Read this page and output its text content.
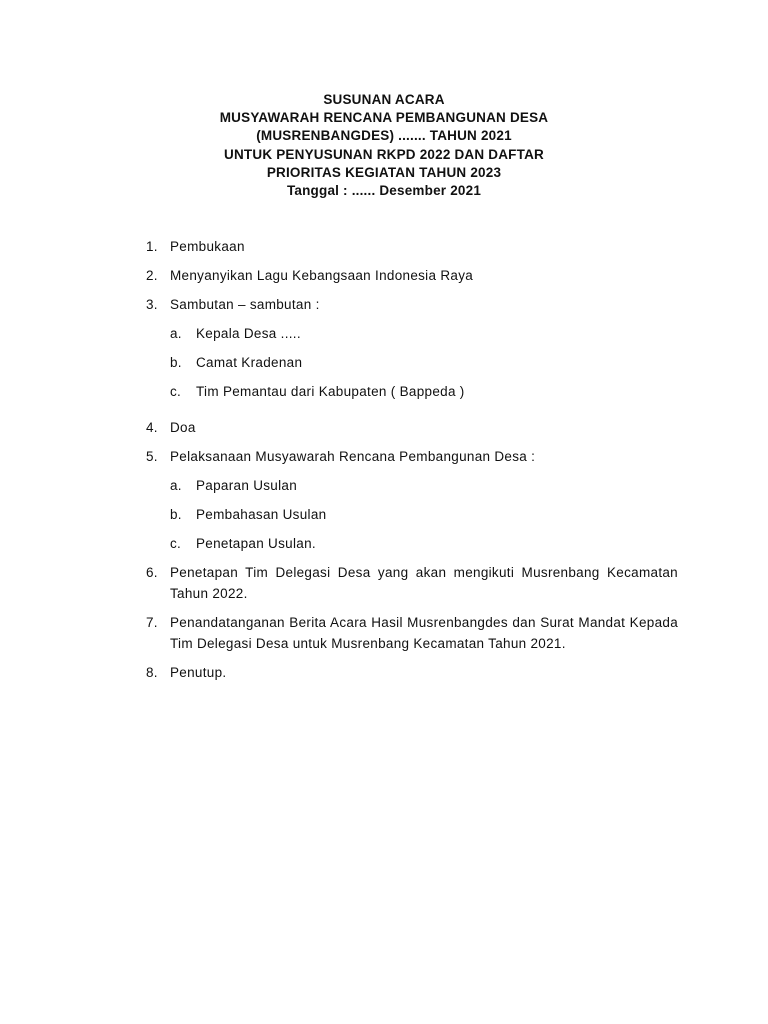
SUSUNAN ACARA
MUSYAWARAH RENCANA PEMBANGUNAN DESA
(MUSRENBANGDES) ....... TAHUN 2021
UNTUK PENYUSUNAN RKPD 2022 DAN DAFTAR
PRIORITAS KEGIATAN TAHUN 2023
Tanggal : ...... Desember 2021
1. Pembukaan
2. Menyanyikan Lagu Kebangsaan Indonesia Raya
3. Sambutan – sambutan :
a. Kepala Desa .....
b. Camat Kradenan
c. Tim Pemantau dari Kabupaten ( Bappeda )
4. Doa
5. Pelaksanaan Musyawarah Rencana Pembangunan Desa :
a. Paparan Usulan
b. Pembahasan Usulan
c. Penetapan Usulan.
6. Penetapan Tim Delegasi Desa yang akan mengikuti Musrenbang Kecamatan Tahun 2022.
7. Penandatanganan Berita Acara Hasil Musrenbangdes dan Surat Mandat Kepada Tim Delegasi Desa untuk Musrenbang Kecamatan Tahun 2021.
8. Penutup.
